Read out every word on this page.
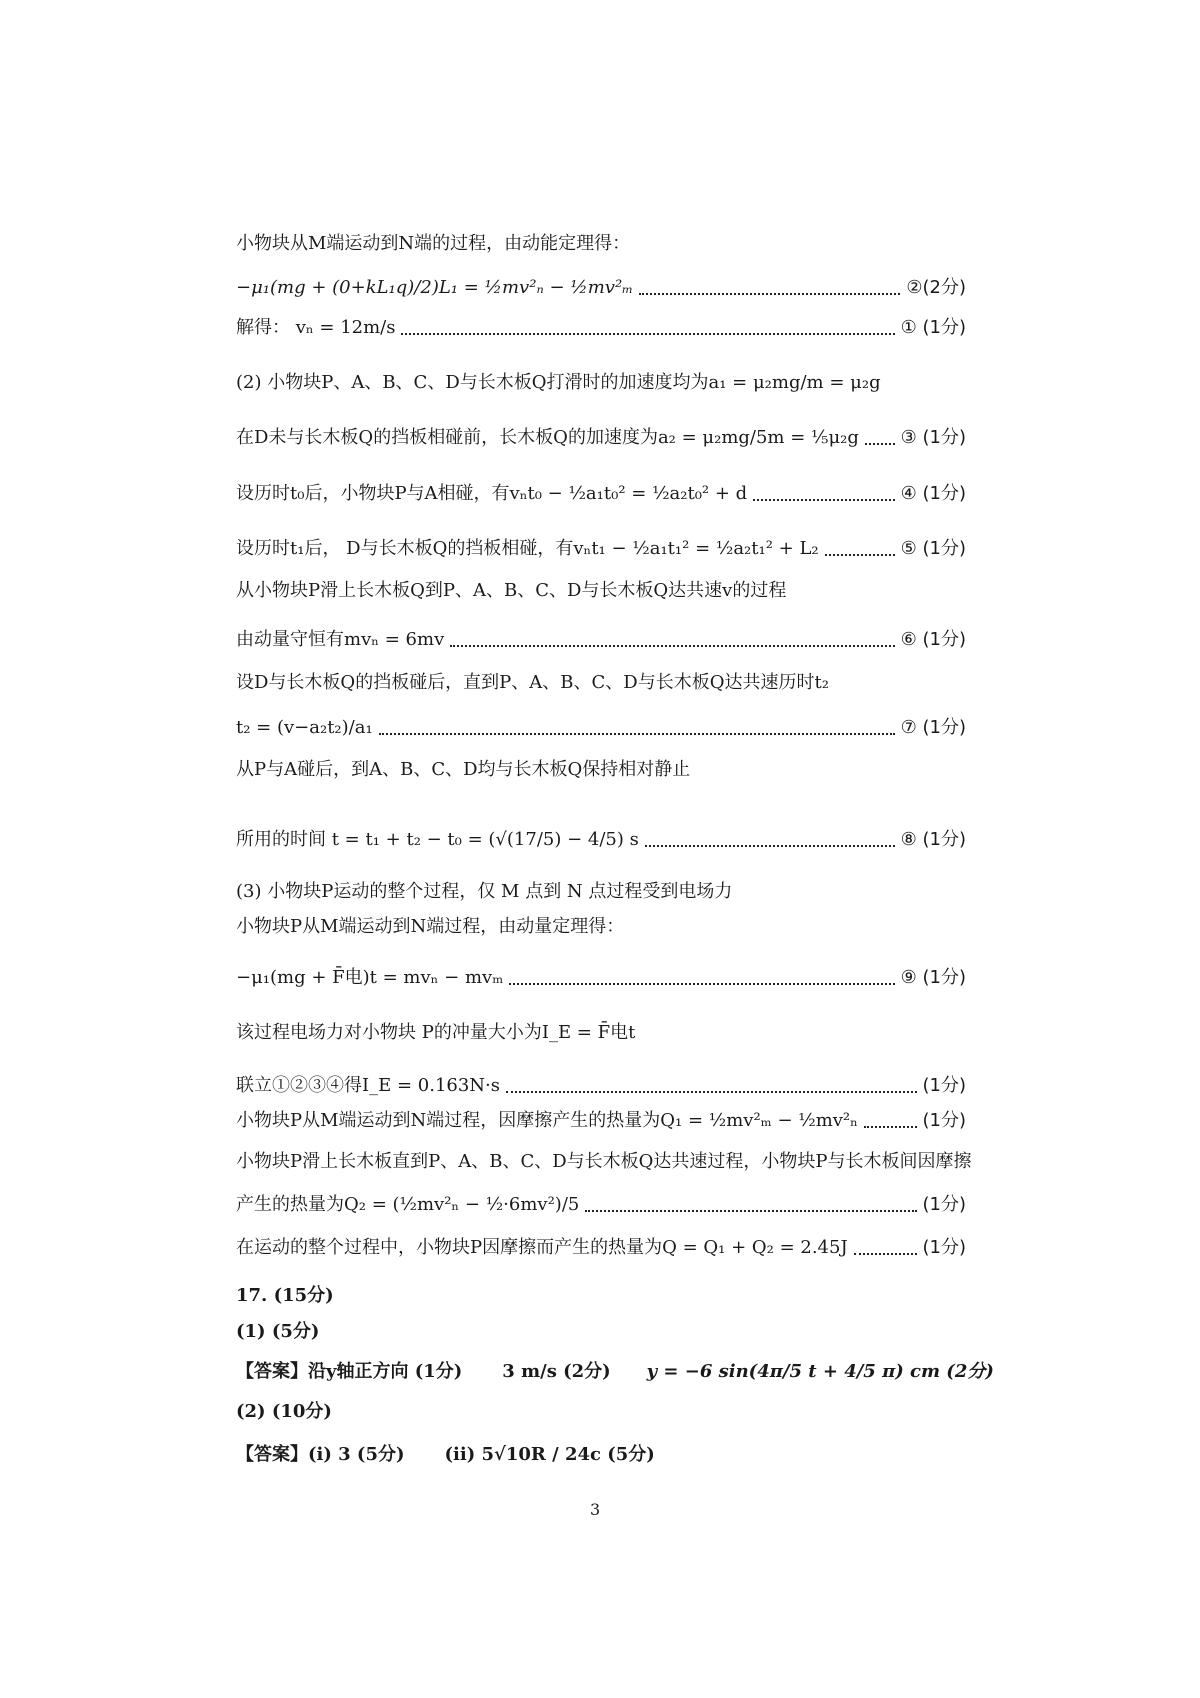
小物块从M端运动到N端的过程，由动能定理得：
−μ₁(mg + (0+kL₁q)/2)L₁ = ½mv²ₙ − ½mv²ₘ	②(2分)
解得： vₙ = 12m/s	① (1分)
(2) 小物块P、A、B、C、D与长木板Q打滑时的加速度均为a₁ = μ₂mg/m = μ₂g
在D未与长木板Q的挡板相碰前，长木板Q的加速度为a₂ = μ₂mg/5m = ⅕μ₂g ③ (1分)
设历时t₀后，小物块P与A相碰，有vₙt₀ − ½a₁t₀² = ½a₂t₀² + d	④ (1分)
设历时t₁后， D与长木板Q的挡板相碰，有vₙt₁ − ½a₁t₁² = ½a₂t₁² + L₂	⑤ (1分)
从小物块P滑上长木板Q到P、A、B、C、D与长木板Q达共速v的过程
由动量守恒有mvₙ = 6mv	⑥ (1分)
设D与长木板Q的挡板碰后，直到P、A、B、C、D与长木板Q达共速历时t₂
t₂ = (v−a₂t₂)/a₁	⑦ (1分)
从P与A碰后，到A、B、C、D均与长木板Q保持相对静止
所用的时间 t = t₁ + t₂ − t₀ = (√(17/5) − 4/5) s	⑧ (1分)
(3) 小物块P运动的整个过程，仅 M 点到 N 点过程受到电场力
小物块P从M端运动到N端过程，由动量定理得：
−μ₁(mg + F̄电)t = mvₙ − mvₘ	⑨ (1分)
该过程电场力对小物块 P的冲量大小为I_E = F̄电t
联立①②③④得I_E = 0.163N·s	(1分)
小物块P从M端运动到N端过程，因摩擦产生的热量为Q₁ = ½mv²ₘ − ½mv²ₙ	(1分)
小物块P滑上长木板直到P、A、B、C、D与长木板Q达共速过程，小物块P与长木板间因摩擦
产生的热量为Q₂ = (½mv²ₙ − ½·6mv²)/5	(1分)
在运动的整个过程中，小物块P因摩擦而产生的热量为Q = Q₁ + Q₂ = 2.45J	(1分)
17. (15分)
(1) (5分)
【答案】 沿y轴正方向 (1分) 3 m/s (2分) y = −6 sin(4π/5 t + 4/5 π) cm (2分)
(2) (10分)
【答案】 (i) 3 (5分) (ii) 5√10R / 24c (5分)
3
